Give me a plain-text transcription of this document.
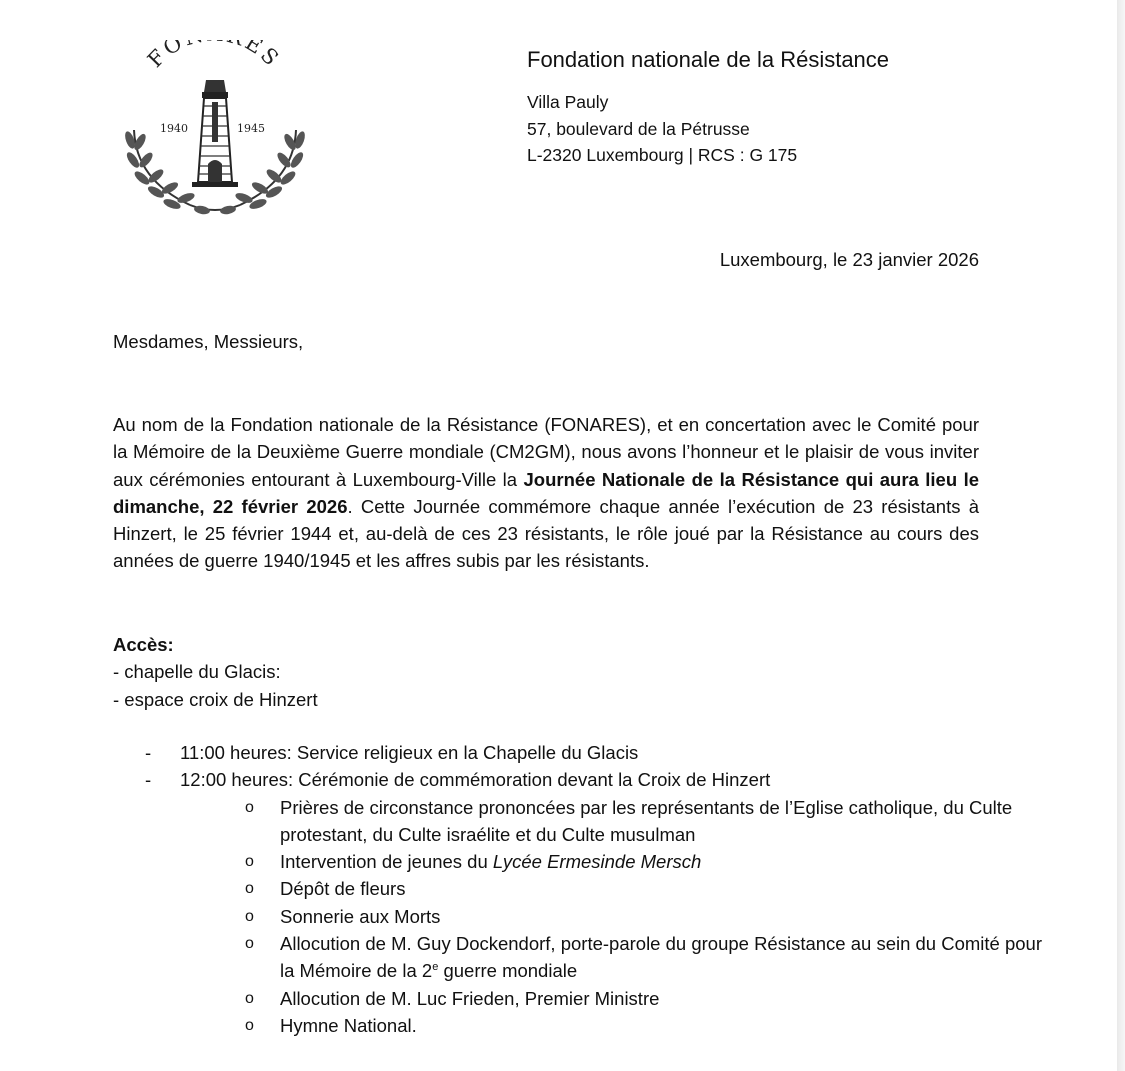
FO ES
1940	1945
Fondation nationale de la Résistance
Villa Pauly
57, boulevard de la Pétrusse
L-2320 Luxembourg | RCS : G 175
Luxembourg, le 23 janvier 2026
Mesdames, Messieurs,
Au nom de la Fondation nationale de la Résistance (FONARES), et en concertation avec le Comité pour la Mémoire de la Deuxième Guerre mondiale (CM2GM), nous avons l’honneur et le plaisir de vous inviter aux cérémonies entourant à Luxembourg-Ville la Journée Nationale de la Résistance qui aura lieu le dimanche, 22 février 2026. Cette Journée commémore chaque année l’exécution de 23 résistants à Hinzert, le 25 février 1944 et, au-delà de ces 23 résistants, le rôle joué par la Résistance au cours des années de guerre 1940/1945 et les affres subis par les résistants.
Accès:
- chapelle du Glacis:
- espace croix de Hinzert
- 11:00 heures: Service religieux en la Chapelle du Glacis
- 12:00 heures: Cérémonie de commémoration devant la Croix de Hinzert
o Prières de circonstance prononcées par les représentants de l’Eglise catholique, du Culte protestant, du Culte israélite et du Culte musulman
o Intervention de jeunes du Lycée Ermesinde Mersch
o Dépôt de fleurs
o Sonnerie aux Morts
o Allocution de M. Guy Dockendorf, porte-parole du groupe Résistance au sein du Comité pour la Mémoire de la 2e guerre mondiale
o Allocution de M. Luc Frieden, Premier Ministre
o Hymne National.
